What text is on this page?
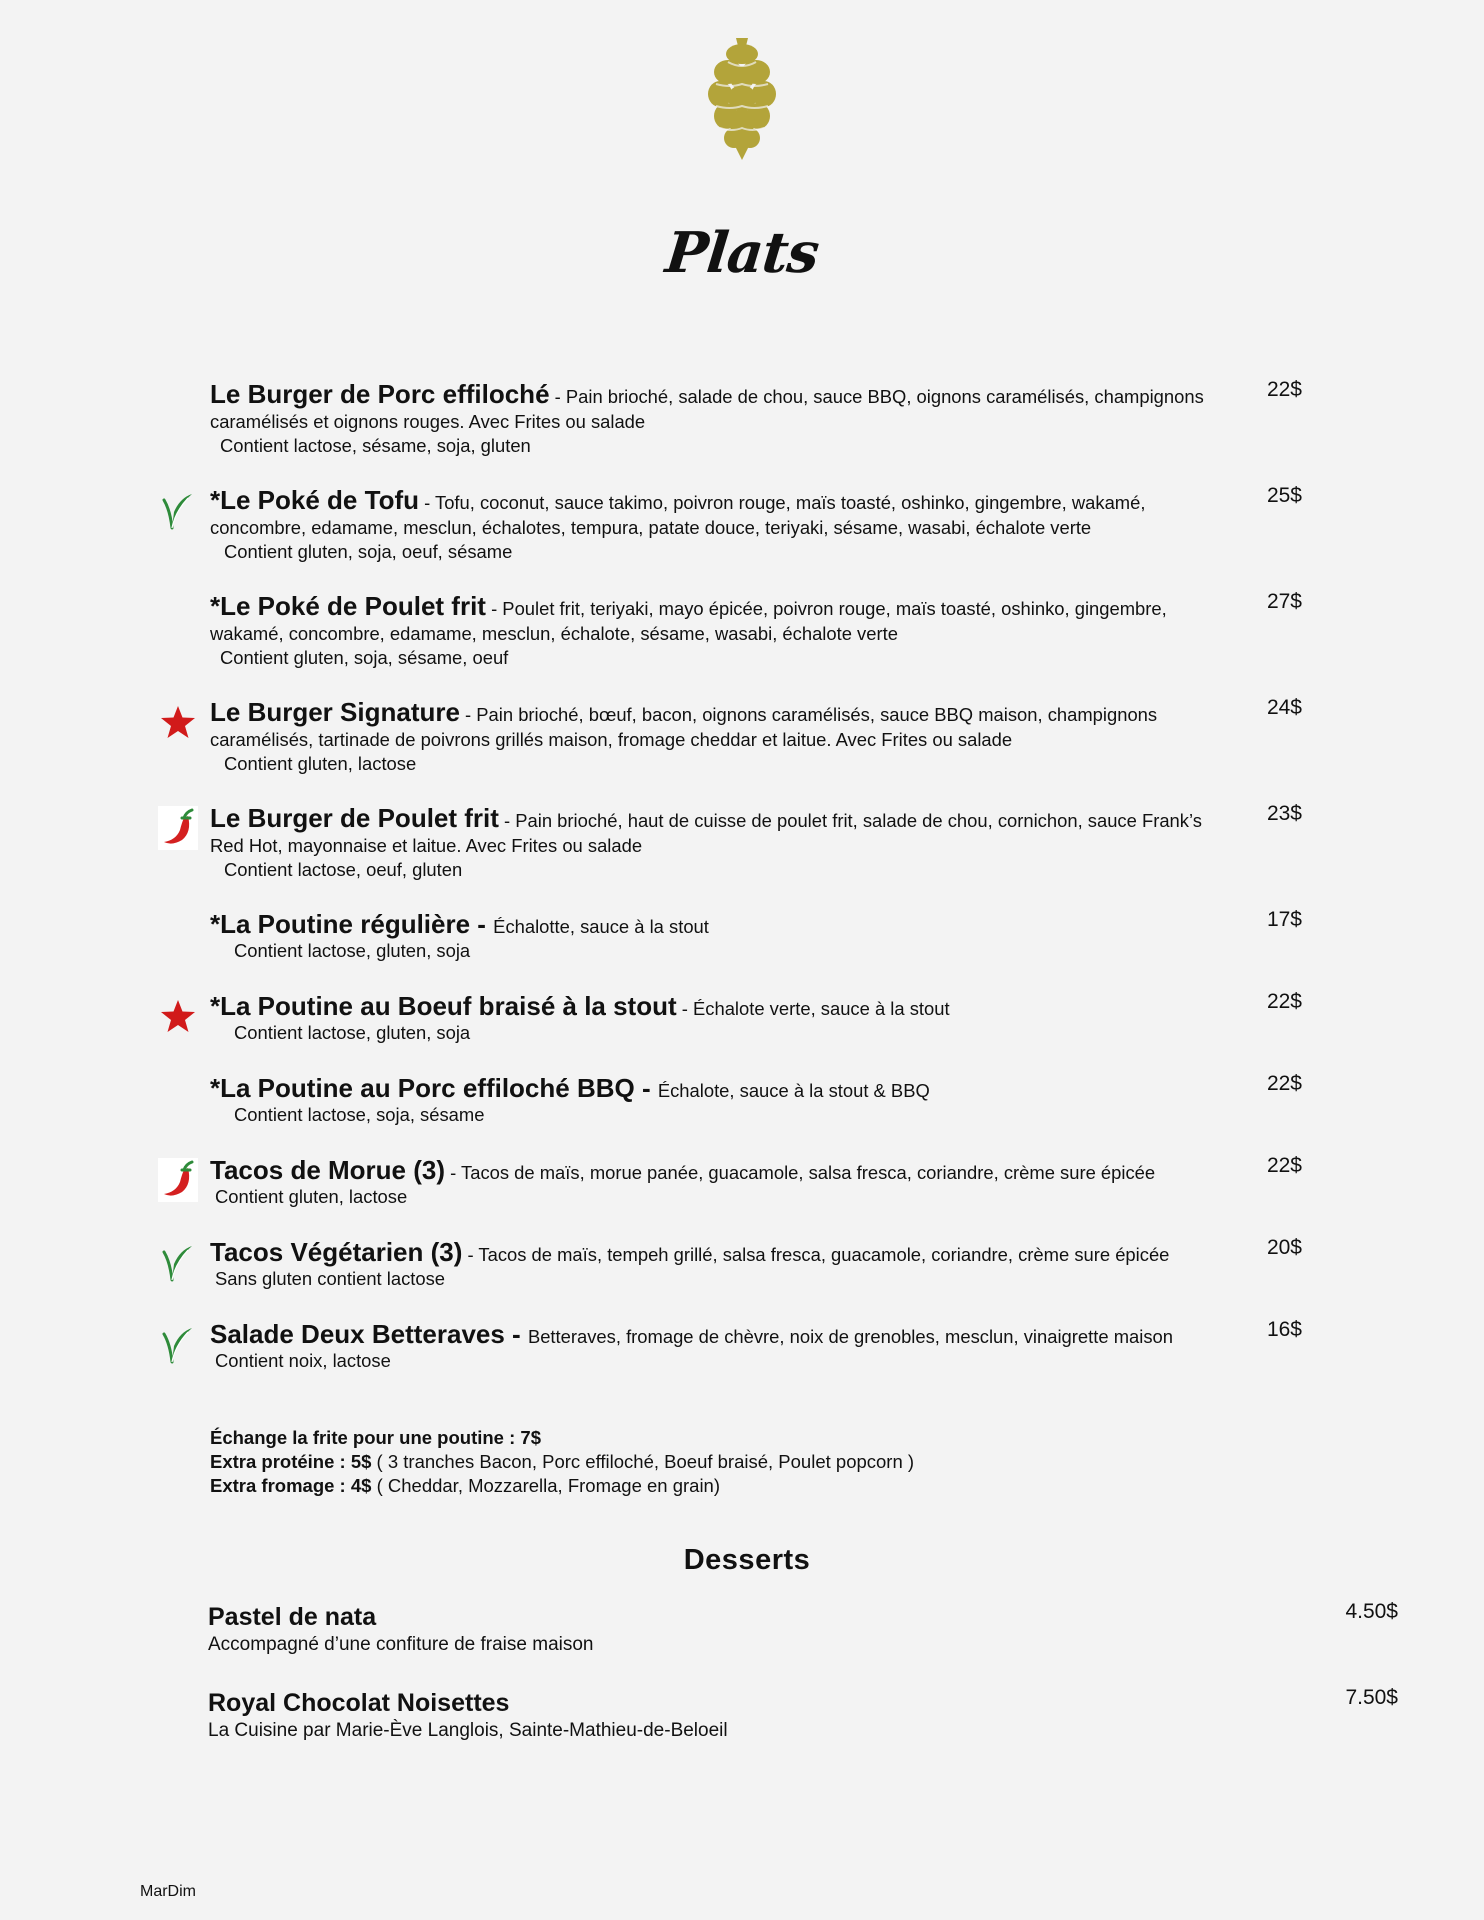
Plats
Le Burger de Porc effiloché - Pain brioché, salade de chou, sauce BBQ, oignons caramélisés, champignons caramélisés et oignons rouges. Avec Frites ou salade
Contient lactose, sésame, soja, gluten
22$
*Le Poké de Tofu - Tofu, coconut, sauce takimo, poivron rouge, maïs toasté, oshinko, gingembre, wakamé, concombre, edamame, mesclun, échalotes, tempura, patate douce, teriyaki, sésame, wasabi, échalote verte
Contient gluten, soja, oeuf, sésame
25$
*Le Poké de Poulet frit - Poulet frit, teriyaki, mayo épicée, poivron rouge, maïs toasté, oshinko, gingembre, wakamé, concombre, edamame, mesclun, échalote, sésame, wasabi, échalote verte
Contient gluten, soja, sésame, oeuf
27$
Le Burger Signature - Pain brioché, bœuf, bacon, oignons caramélisés, sauce BBQ maison, champignons caramélisés, tartinade de poivrons grillés maison, fromage cheddar et laitue. Avec Frites ou salade
Contient gluten, lactose
24$
Le Burger de Poulet frit - Pain brioché, haut de cuisse de poulet frit, salade de chou, cornichon, sauce Frank’s Red Hot, mayonnaise et laitue. Avec Frites ou salade
Contient lactose, oeuf, gluten
23$
*La Poutine régulière - Échalotte, sauce à la stout
Contient lactose, gluten, soja
17$
*La Poutine au Boeuf braisé à la stout - Échalote verte, sauce à la stout
Contient lactose, gluten, soja
22$
*La Poutine au Porc effiloché BBQ - Échalote, sauce à la stout & BBQ
Contient lactose, soja, sésame
22$
Tacos de Morue (3) - Tacos de maïs, morue panée, guacamole, salsa fresca, coriandre, crème sure épicée
Contient gluten, lactose
22$
Tacos Végétarien (3) - Tacos de maïs, tempeh grillé, salsa fresca, guacamole, coriandre, crème sure épicée
Sans gluten contient lactose
20$
Salade Deux Betteraves - Betteraves, fromage de chèvre, noix de grenobles, mesclun, vinaigrette maison
Contient noix, lactose
16$
Échange la frite pour une poutine : 7$
Extra protéine : 5$ ( 3 tranches Bacon, Porc effiloché, Boeuf braisé, Poulet popcorn )
Extra fromage : 4$ ( Cheddar, Mozzarella, Fromage en grain)
Desserts
Pastel de nata
Accompagné d’une confiture de fraise maison
4.50$
Royal Chocolat Noisettes
La Cuisine par Marie-Ève Langlois, Sainte-Mathieu-de-Beloeil
7.50$
MarDim
